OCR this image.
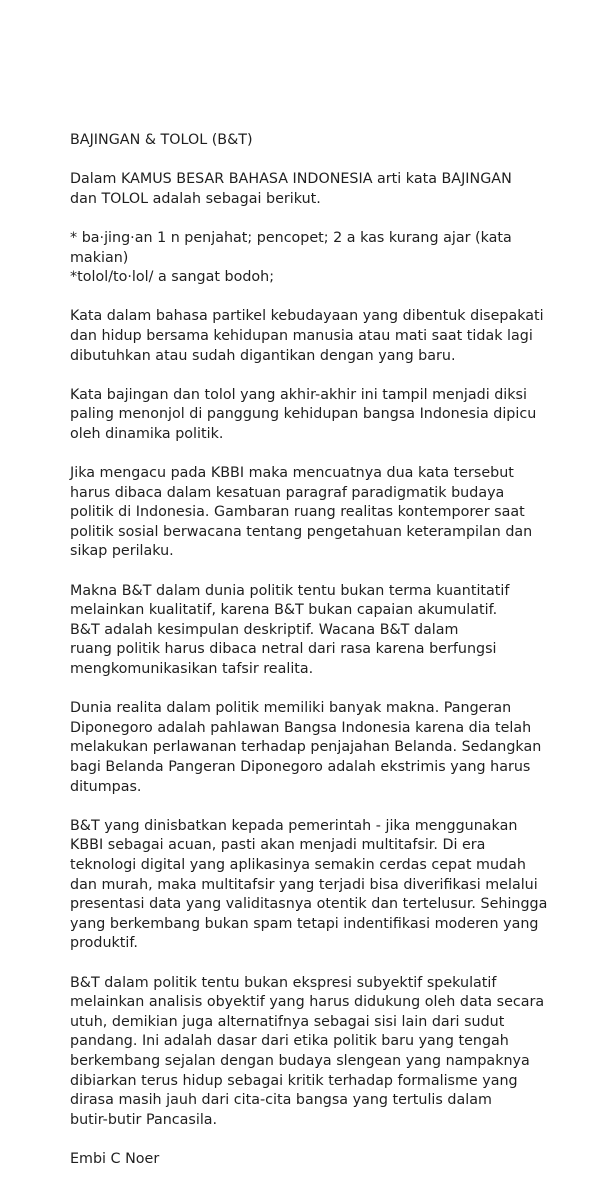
BAJINGAN & TOLOL (B&T)
Dalam KAMUS BESAR BAHASA INDONESIA arti kata BAJINGAN
dan TOLOL adalah sebagai berikut.
* ba·jing·an 1 n penjahat; pencopet; 2 a kas kurang ajar (kata
makian)
*tolol/to·lol/ a sangat bodoh;
Kata dalam bahasa partikel kebudayaan yang dibentuk disepakati
dan hidup bersama kehidupan manusia atau mati saat tidak lagi
dibutuhkan atau sudah digantikan dengan yang baru.
Kata bajingan dan tolol yang akhir-akhir ini tampil menjadi diksi
paling menonjol di panggung kehidupan bangsa Indonesia dipicu
oleh dinamika politik.
Jika mengacu pada KBBI maka mencuatnya dua kata tersebut
harus dibaca dalam kesatuan paragraf paradigmatik budaya
politik di Indonesia. Gambaran ruang realitas kontemporer saat
politik sosial berwacana tentang pengetahuan keterampilan dan
sikap perilaku.
Makna B&T dalam dunia politik tentu bukan terma kuantitatif
melainkan kualitatif, karena B&T bukan capaian akumulatif.
B&T adalah kesimpulan deskriptif. Wacana B&T dalam
ruang politik harus dibaca netral dari rasa karena berfungsi
mengkomunikasikan tafsir realita.
Dunia realita dalam politik memiliki banyak makna. Pangeran
Diponegoro adalah pahlawan Bangsa Indonesia karena dia telah
melakukan perlawanan terhadap penjajahan Belanda. Sedangkan
bagi Belanda Pangeran Diponegoro adalah ekstrimis yang harus
ditumpas.
B&T yang dinisbatkan kepada pemerintah - jika menggunakan
KBBI sebagai acuan, pasti akan menjadi multitafsir. Di era
teknologi digital yang aplikasinya semakin cerdas cepat mudah
dan murah, maka multitafsir yang terjadi bisa diverifikasi melalui
presentasi data yang validitasnya otentik dan tertelusur. Sehingga
yang berkembang bukan spam tetapi indentifikasi moderen yang
produktif.
B&T dalam politik tentu bukan ekspresi subyektif spekulatif
melainkan analisis obyektif yang harus didukung oleh data secara
utuh, demikian juga alternatifnya sebagai sisi lain dari sudut
pandang. Ini adalah dasar dari etika politik baru yang tengah
berkembang sejalan dengan budaya slengean yang nampaknya
dibiarkan terus hidup sebagai kritik terhadap formalisme yang
dirasa masih jauh dari cita-cita bangsa yang tertulis dalam
butir-butir Pancasila.
Embi C Noer
